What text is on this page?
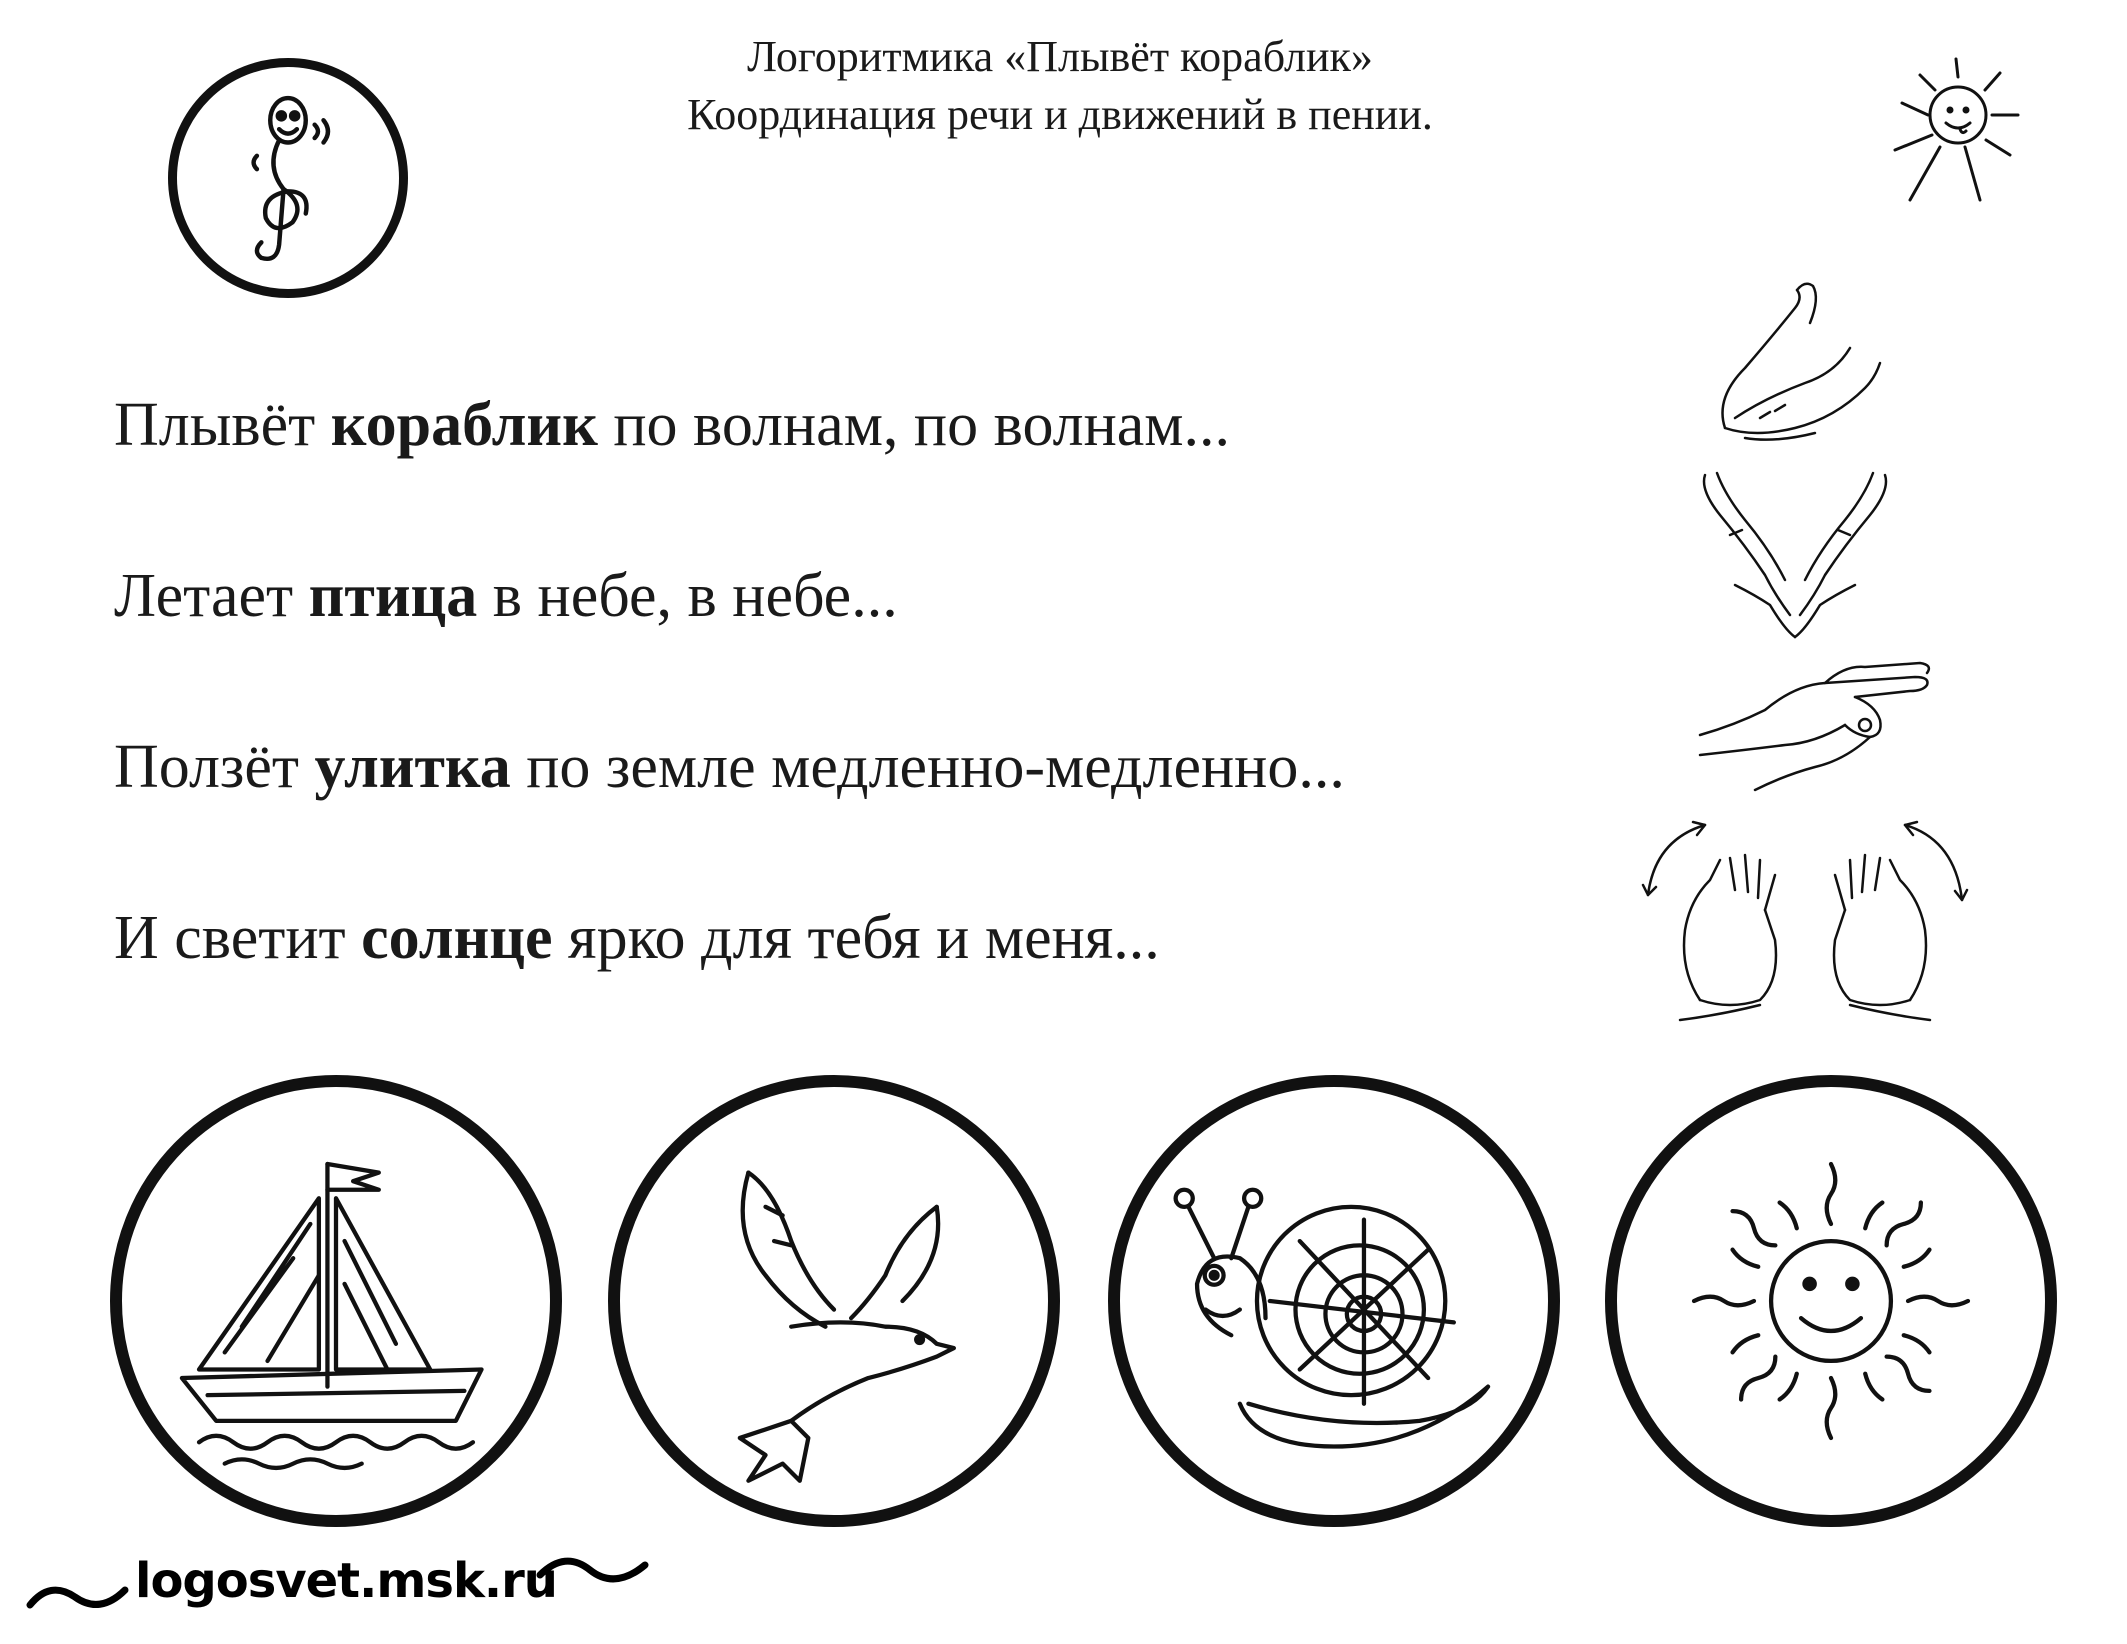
Логоритмика «Плывёт кораблик»
Координация речи и движений в пении.
Плывёт кораблик по волнам, по волнам...
Летает птица в небе, в небе...
Ползёт улитка по земле медленно-медленно...
И светит солнце ярко для тебя и меня...
logosvet.msk.ru
